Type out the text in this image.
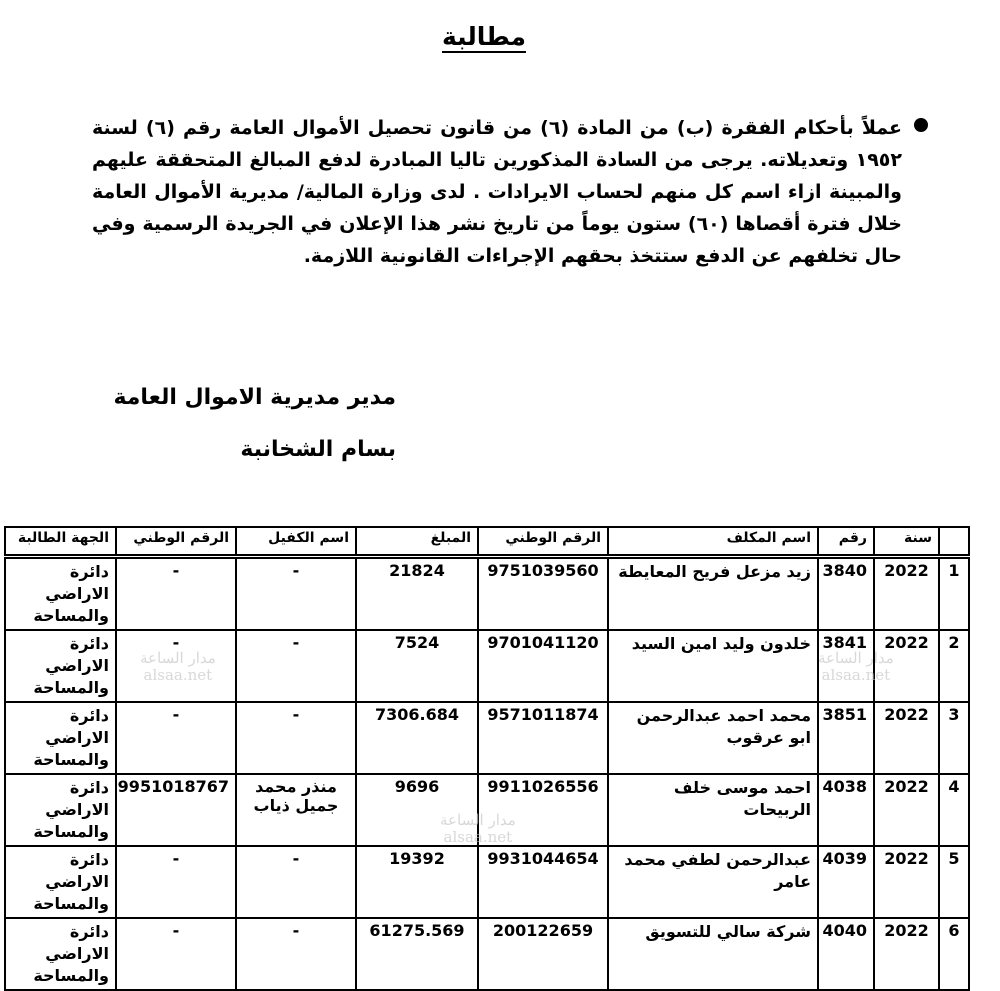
مطالبة

عملاً بأحكام الفقرة (ب) من المادة (٦) من قانون تحصيل الأموال العامة رقم (٦) لسنة ١٩٥٢ وتعديلاته. يرجى من السادة المذكورين تاليا المبادرة لدفع المبالغ المتحققة عليهم والمبينة ازاء اسم كل منهم لحساب الايرادات . لدى وزارة المالية/ مديرية الأموال العامة خلال فترة أقصاها (٦٠) ستون يوماً من تاريخ نشر هذا الإعلان في الجريدة الرسمية وفي حال تخلفهم عن الدفع ستتخذ بحقهم الإجراءات القانونية اللازمة.

مدير مديرية الاموال العامة
بسام الشخانبة
	سنة	رقم	اسم المكلف	الرقم الوطني	المبلغ	اسم الكفيل	الرقم الوطني	الجهة الطالبة
1	2022	3840	زيد مزعل فريح المعايطة	9751039560	21824	-	-	دائرة الاراضي والمساحة
2	2022	3841	خلدون وليد امين السيد	9701041120	7524	-	-	دائرة الاراضي والمساحة
3	2022	3851	محمد احمد عبدالرحمن ابو عرقوب	9571011874	7306.684	-	-	دائرة الاراضي والمساحة
4	2022	4038	احمد موسى خلف الربيحات	9911026556	9696	منذر محمد جميل ذياب	9951018767	دائرة الاراضي والمساحة
5	2022	4039	عبدالرحمن لطفي محمد عامر	9931044654	19392	-	-	دائرة الاراضي والمساحة
6	2022	4040	شركة سالي للتسويق	200122659	61275.569	-	-	دائرة الاراضي والمساحة
مدار الساعة
alsaa.net
مدار الساعة
alsaa.net
مدار الساعة
alsaa.net
